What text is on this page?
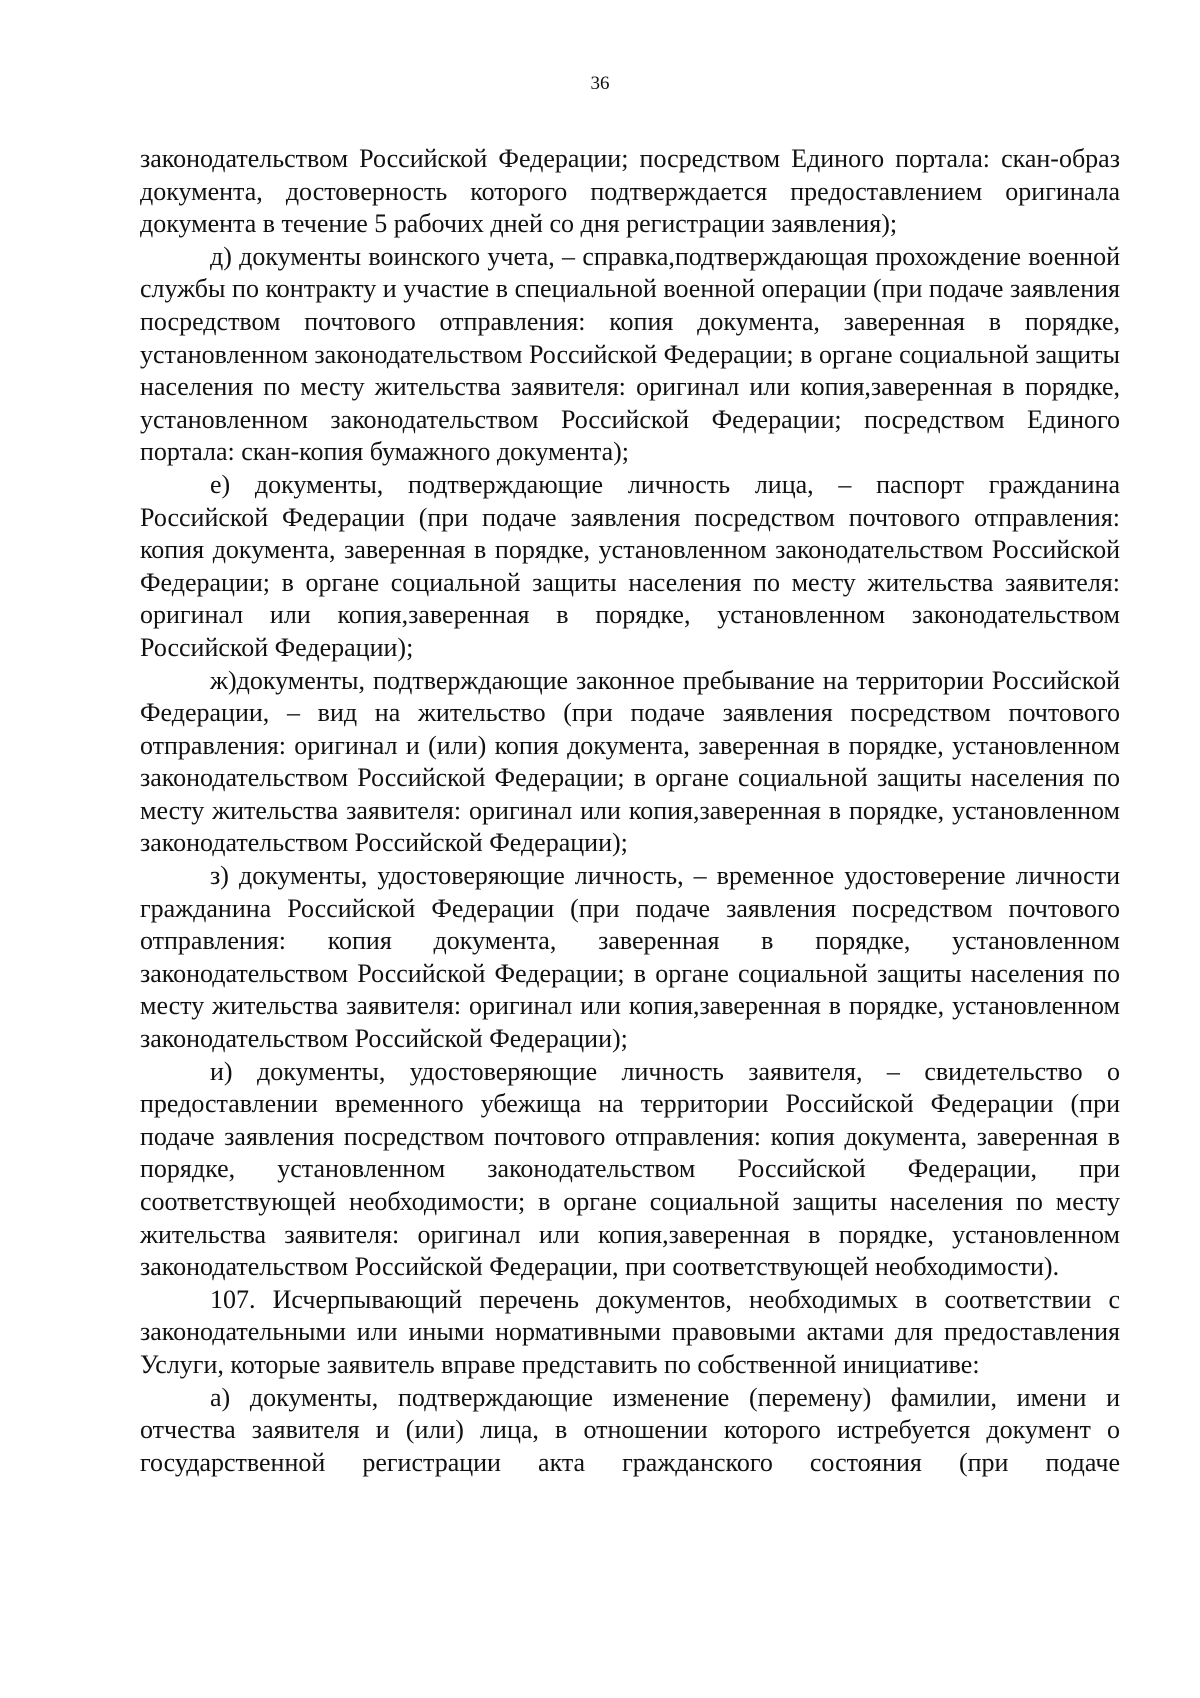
36

законодательством Российской Федерации; посредством Единого портала: скан-образ документа, достоверность которого подтверждается предоставлением оригинала документа в течение 5 рабочих дней со дня регистрации заявления);

д) документы воинского учета, – справка,подтверждающая прохождение военной службы по контракту и участие в специальной военной операции (при подаче заявления посредством почтового отправления: копия документа, заверенная в порядке, установленном законодательством Российской Федерации; в органе социальной защиты населения по месту жительства заявителя: оригинал или копия,заверенная в порядке, установленном законодательством Российской Федерации; посредством Единого портала: скан-копия бумажного документа);

е) документы, подтверждающие личность лица, – паспорт гражданина Российской Федерации (при подаче заявления посредством почтового отправления: копия документа, заверенная в порядке, установленном законодательством Российской Федерации; в органе социальной защиты населения по месту жительства заявителя: оригинал или копия,заверенная в порядке, установленном законодательством Российской Федерации);

ж)документы, подтверждающие законное пребывание на территории Российской Федерации, – вид на жительство (при подаче заявления посредством почтового отправления: оригинал и (или) копия документа, заверенная в порядке, установленном законодательством Российской Федерации; в органе социальной защиты населения по месту жительства заявителя: оригинал или копия,заверенная в порядке, установленном законодательством Российской Федерации);

з) документы, удостоверяющие личность, – временное удостоверение личности гражданина Российской Федерации (при подаче заявления посредством почтового отправления: копия документа, заверенная в порядке, установленном законодательством Российской Федерации; в органе социальной защиты населения по месту жительства заявителя: оригинал или копия,заверенная в порядке, установленном законодательством Российской Федерации);

и) документы, удостоверяющие личность заявителя, – свидетельство о предоставлении временного убежища на территории Российской Федерации (при подаче заявления посредством почтового отправления: копия документа, заверенная в порядке, установленном законодательством Российской Федерации, при соответствующей необходимости; в органе социальной защиты населения по месту жительства заявителя: оригинал или копия,заверенная в порядке, установленном законодательством Российской Федерации, при соответствующей необходимости).

107. Исчерпывающий перечень документов, необходимых в соответствии с законодательными или иными нормативными правовыми актами для предоставления Услуги, которые заявитель вправе представить по собственной инициативе:

а) документы, подтверждающие изменение (перемену) фамилии, имени и отчества заявителя и (или) лица, в отношении которого истребуется документ о государственной регистрации акта гражданского состояния (при подаче
